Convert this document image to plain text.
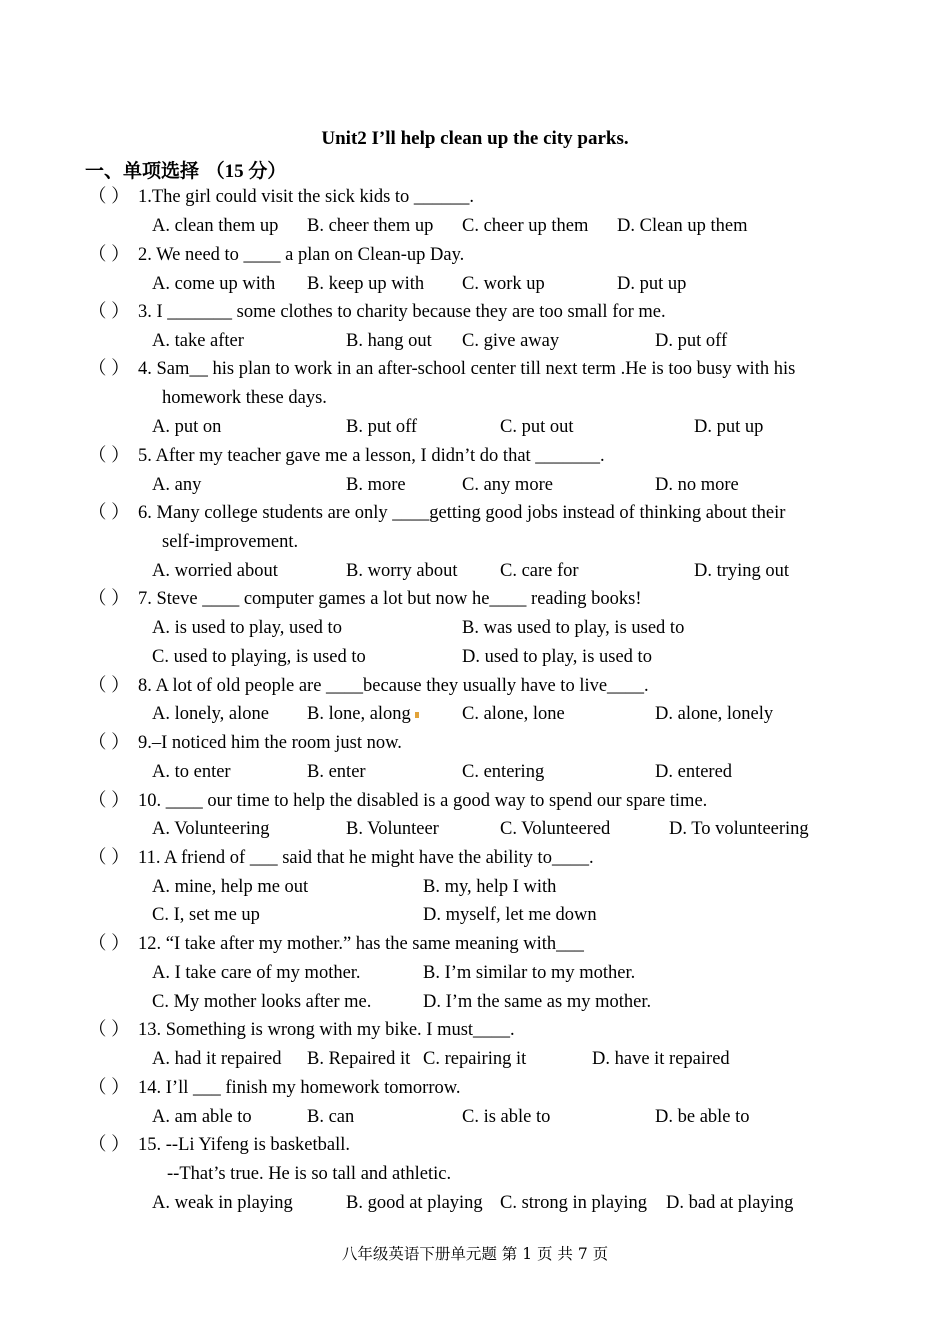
Unit2 I’ll help clean up the city parks.
一、单项选择 （15 分）
（ ） 1.The girl could visit the sick kids to ______.
A. clean them up B. cheer them up C. cheer up them D. Clean up them
（ ） 2. We need to ____ a plan on Clean-up Day.
A. come up with B. keep up with C. work up	D. put up
（ ） 3. I _______ some clothes to charity because they are too small for me.
A. take after	B. hang out C. give away	D. put off
（ ） 4. Sam__ his plan to work in an after-school center till next term .He is too busy with his
homework these days.
A. put on	B. put off	C. put out	D. put up
（ ） 5. After my teacher gave me a lesson, I didn’t do that _______.
A. any	B. more	C. any more	D. no more
（ ） 6. Many college students are only ____getting good jobs instead of thinking about their
self-improvement.
A. worried about	B. worry about C. care for	D. trying out
（ ） 7. Steve ____ computer games a lot but now he____ reading books!
A. is used to play, used to	B. was used to play, is used to
C. used to playing, is used to	D. used to play, is used to
（ ） 8. A lot of old people are ____because they usually have to live____.
A. lonely, alone B. lone, along	C. alone, lone	D. alone, lonely
（ ） 9.–I noticed him the room just now.
A. to enter	B. enter	C. entering	D. entered
（ ） 10. ____ our time to help the disabled is a good way to spend our spare time.
A. Volunteering	B. Volunteer	C. Volunteered	D. To volunteering
（ ） 11. A friend of ___ said that he might have the ability to____.
A. mine, help me out	B. my, help I with
C. I, set me up	D. myself, let me down
（ ） 12. “I take after my mother.” has the same meaning with___
A. I take care of my mother.	B. I’m similar to my mother.
C. My mother looks after me.	D. I’m the same as my mother.
（ ） 13. Something is wrong with my bike. I must____.
A. had it repaired B. Repaired it C. repairing it	D. have it repaired
（ ） 14. I’ll ___ finish my homework tomorrow.
A. am able to	B. can	C. is able to	D. be able to
（ ） 15. --Li Yifeng is basketball.
--That’s true. He is so tall and athletic.
A. weak in playing	B. good at playing C. strong in playing D. bad at playing
八年级英语下册单元题 第 1 页 共 7 页
